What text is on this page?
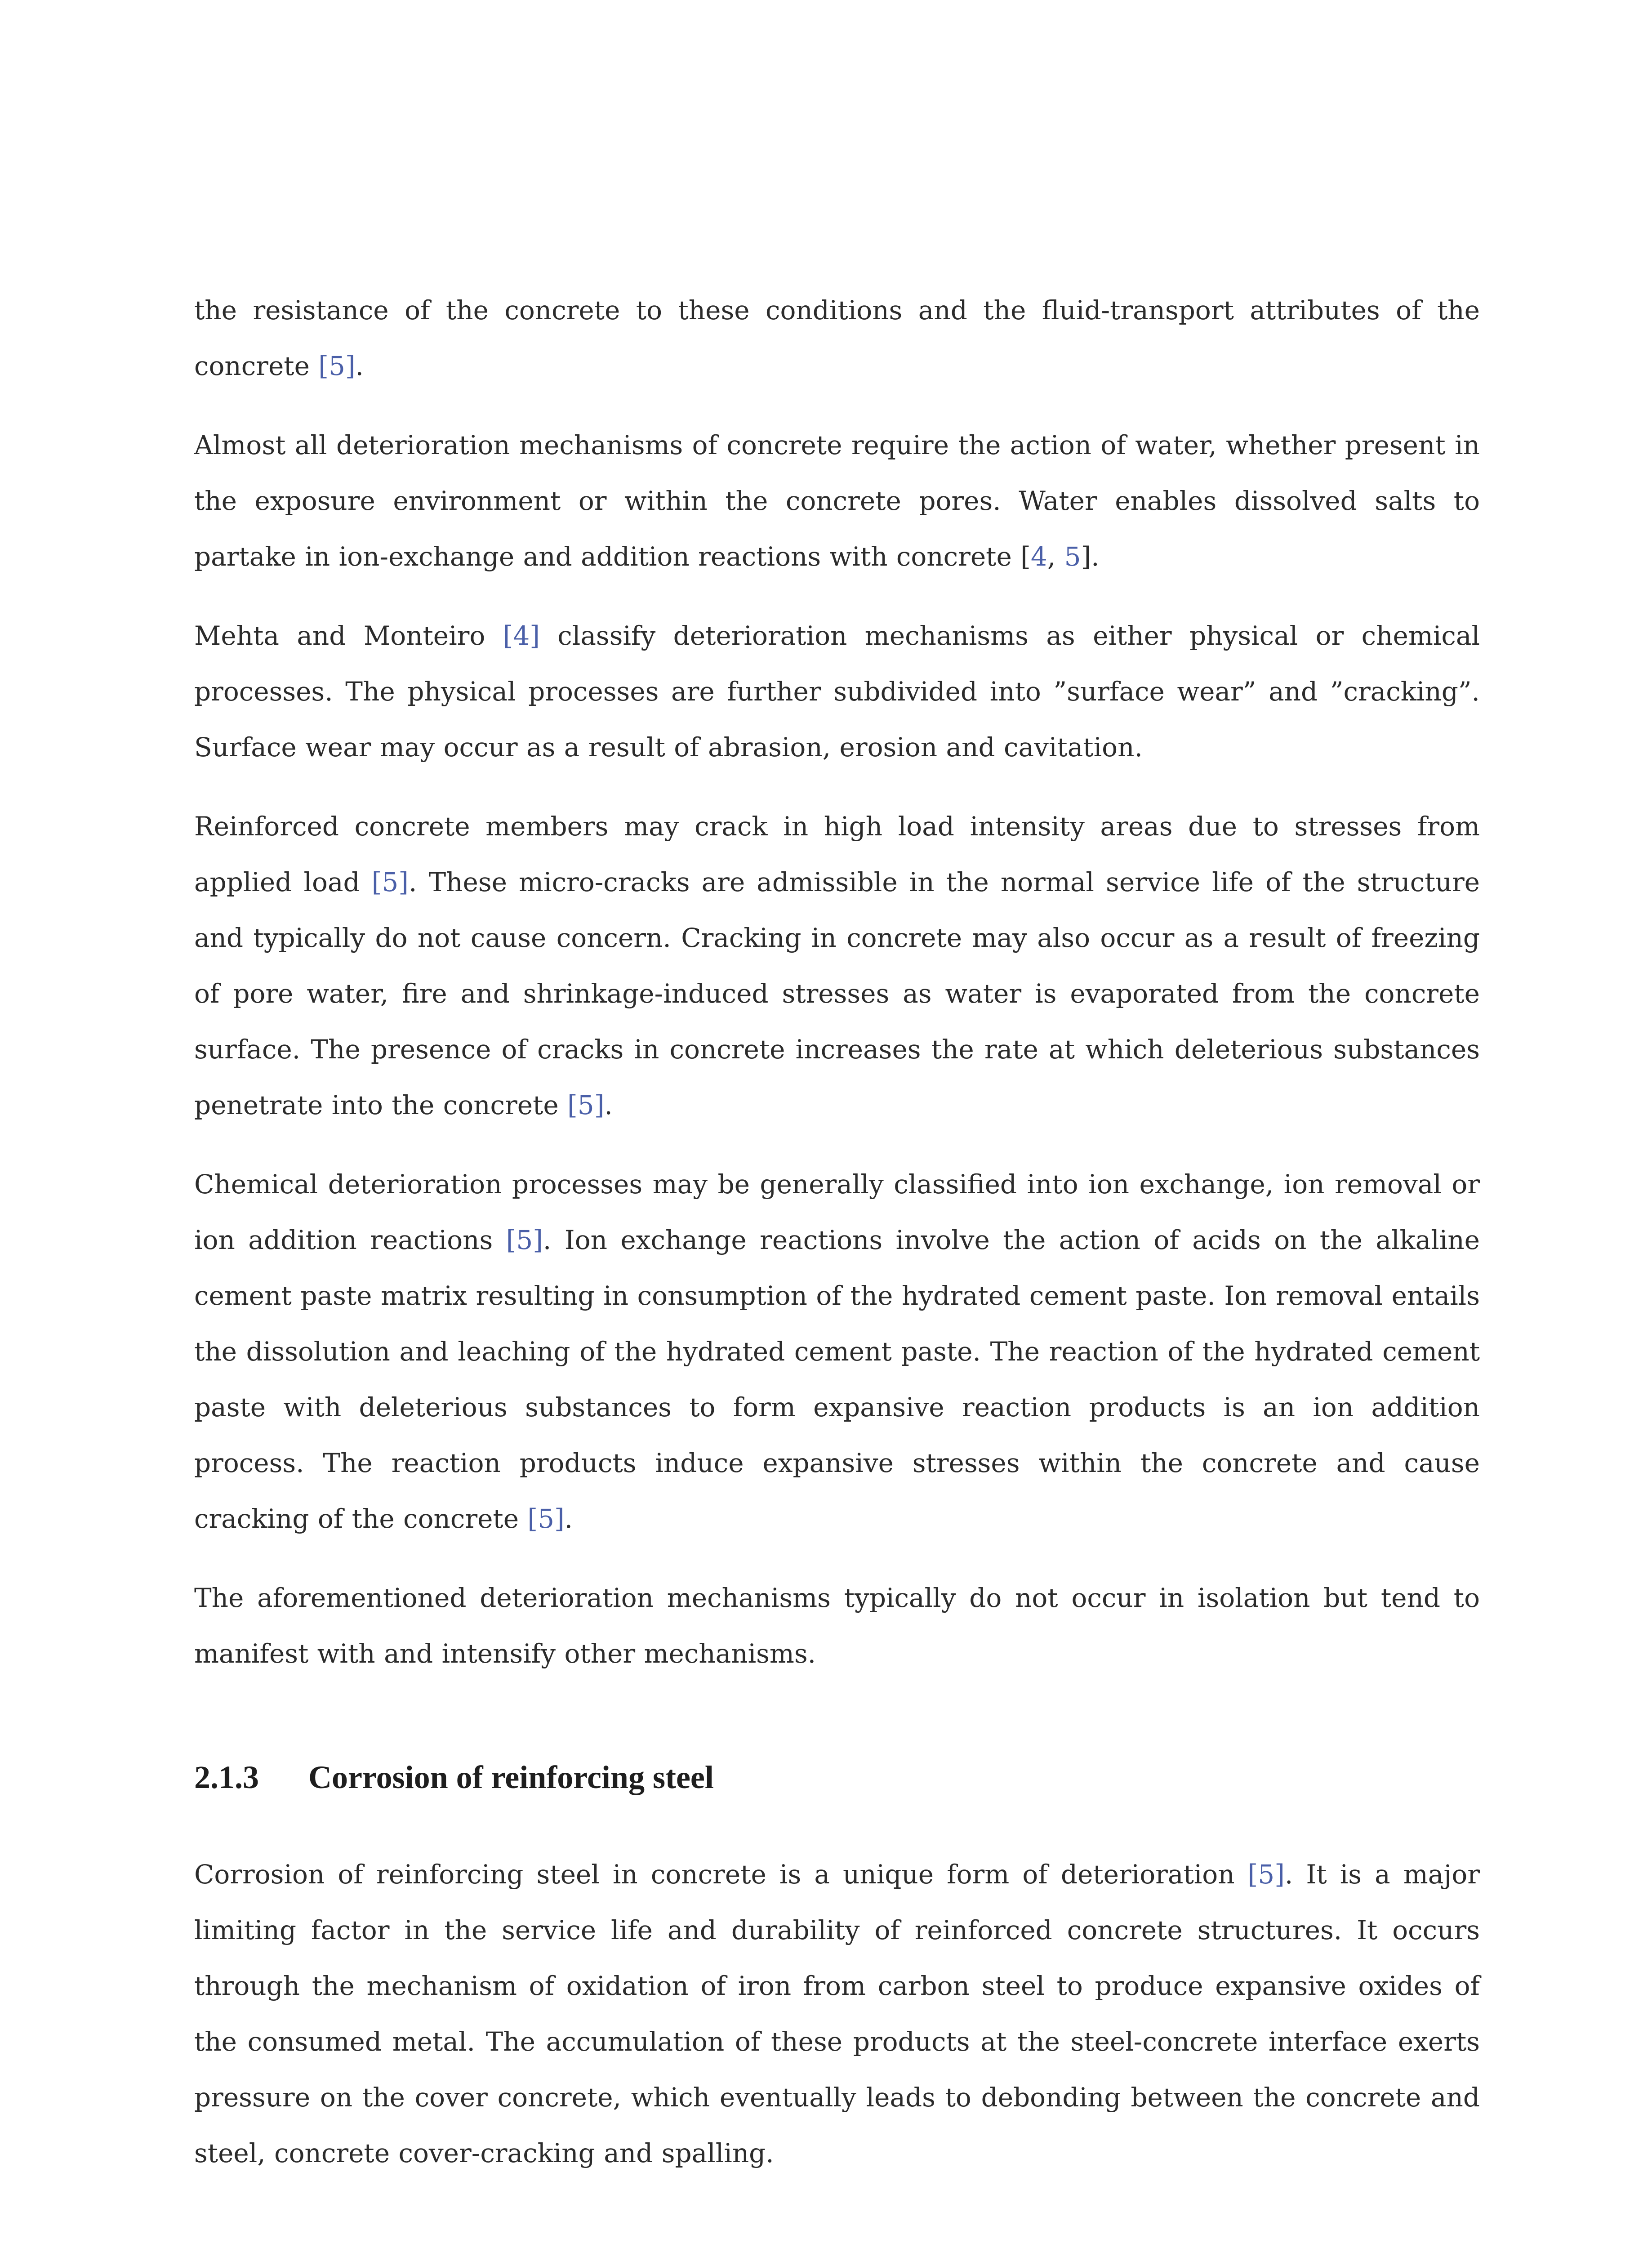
the resistance of the concrete to these conditions and the fluid-transport attributes of the concrete [5].

Almost all deterioration mechanisms of concrete require the action of water, whether present in the exposure environment or within the concrete pores. Water enables dissolved salts to partake in ion-exchange and addition reactions with concrete [4, 5].

Mehta and Monteiro [4] classify deterioration mechanisms as either physical or chemical processes. The physical processes are further subdivided into ”surface wear” and ”cracking”. Surface wear may occur as a result of abrasion, erosion and cavitation.

Reinforced concrete members may crack in high load intensity areas due to stresses from applied load [5]. These micro-cracks are admissible in the normal service life of the structure and typically do not cause concern. Cracking in concrete may also occur as a result of freezing of pore water, fire and shrinkage-induced stresses as water is evaporated from the concrete surface. The presence of cracks in concrete increases the rate at which deleterious substances penetrate into the concrete [5].

Chemical deterioration processes may be generally classified into ion exchange, ion removal or ion addition reactions [5]. Ion exchange reactions involve the action of acids on the alkaline cement paste matrix resulting in consumption of the hydrated cement paste. Ion removal entails the dissolution and leaching of the hydrated cement paste. The reaction of the hydrated cement paste with deleterious substances to form expansive reaction products is an ion addition process. The reaction products induce expansive stresses within the concrete and cause cracking of the concrete [5].

The aforementioned deterioration mechanisms typically do not occur in isolation but tend to manifest with and intensify other mechanisms.

2.1.3	Corrosion of reinforcing steel

Corrosion of reinforcing steel in concrete is a unique form of deterioration [5]. It is a major limiting factor in the service life and durability of reinforced concrete structures. It occurs through the mechanism of oxidation of iron from carbon steel to produce expansive oxides of the consumed metal. The accumulation of these products at the steel-concrete interface exerts pressure on the cover concrete, which eventually leads to debonding between the concrete and steel, concrete cover-cracking and spalling.
